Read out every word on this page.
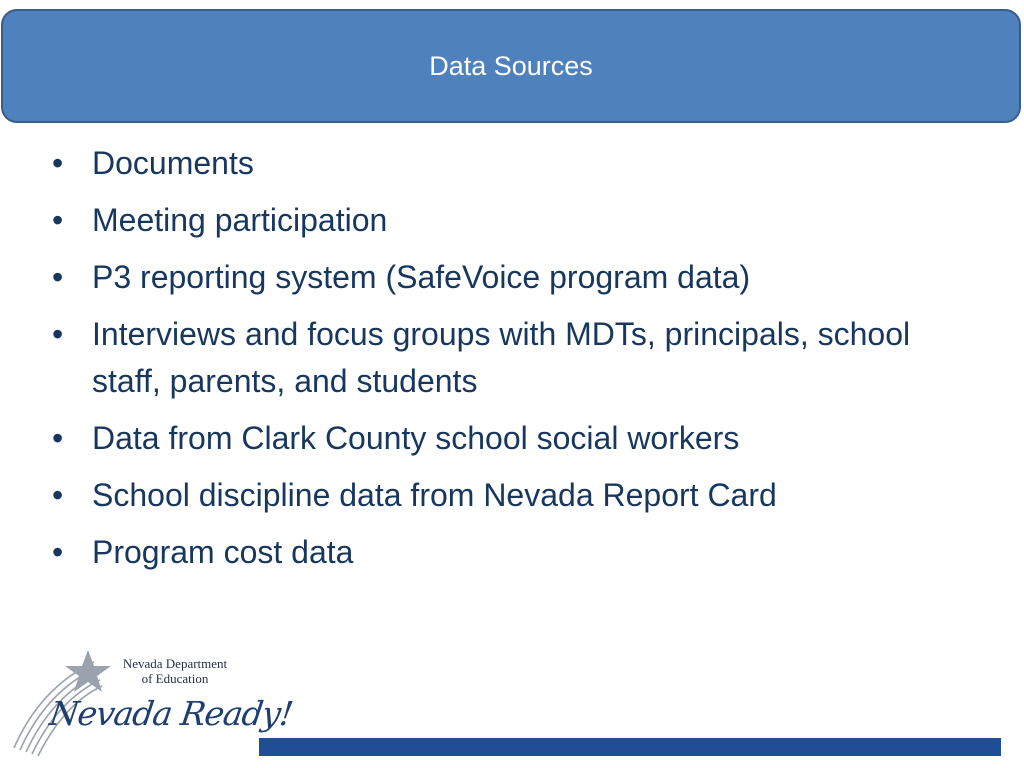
Data Sources
• Documents
• Meeting participation
• P3 reporting system (SafeVoice program data)
• Interviews and focus groups with MDTs, principals, school staff, parents, and students
• Data from Clark County school social workers
• School discipline data from Nevada Report Card
• Program cost data
Nevada Department
of Education
Nevada Ready!
